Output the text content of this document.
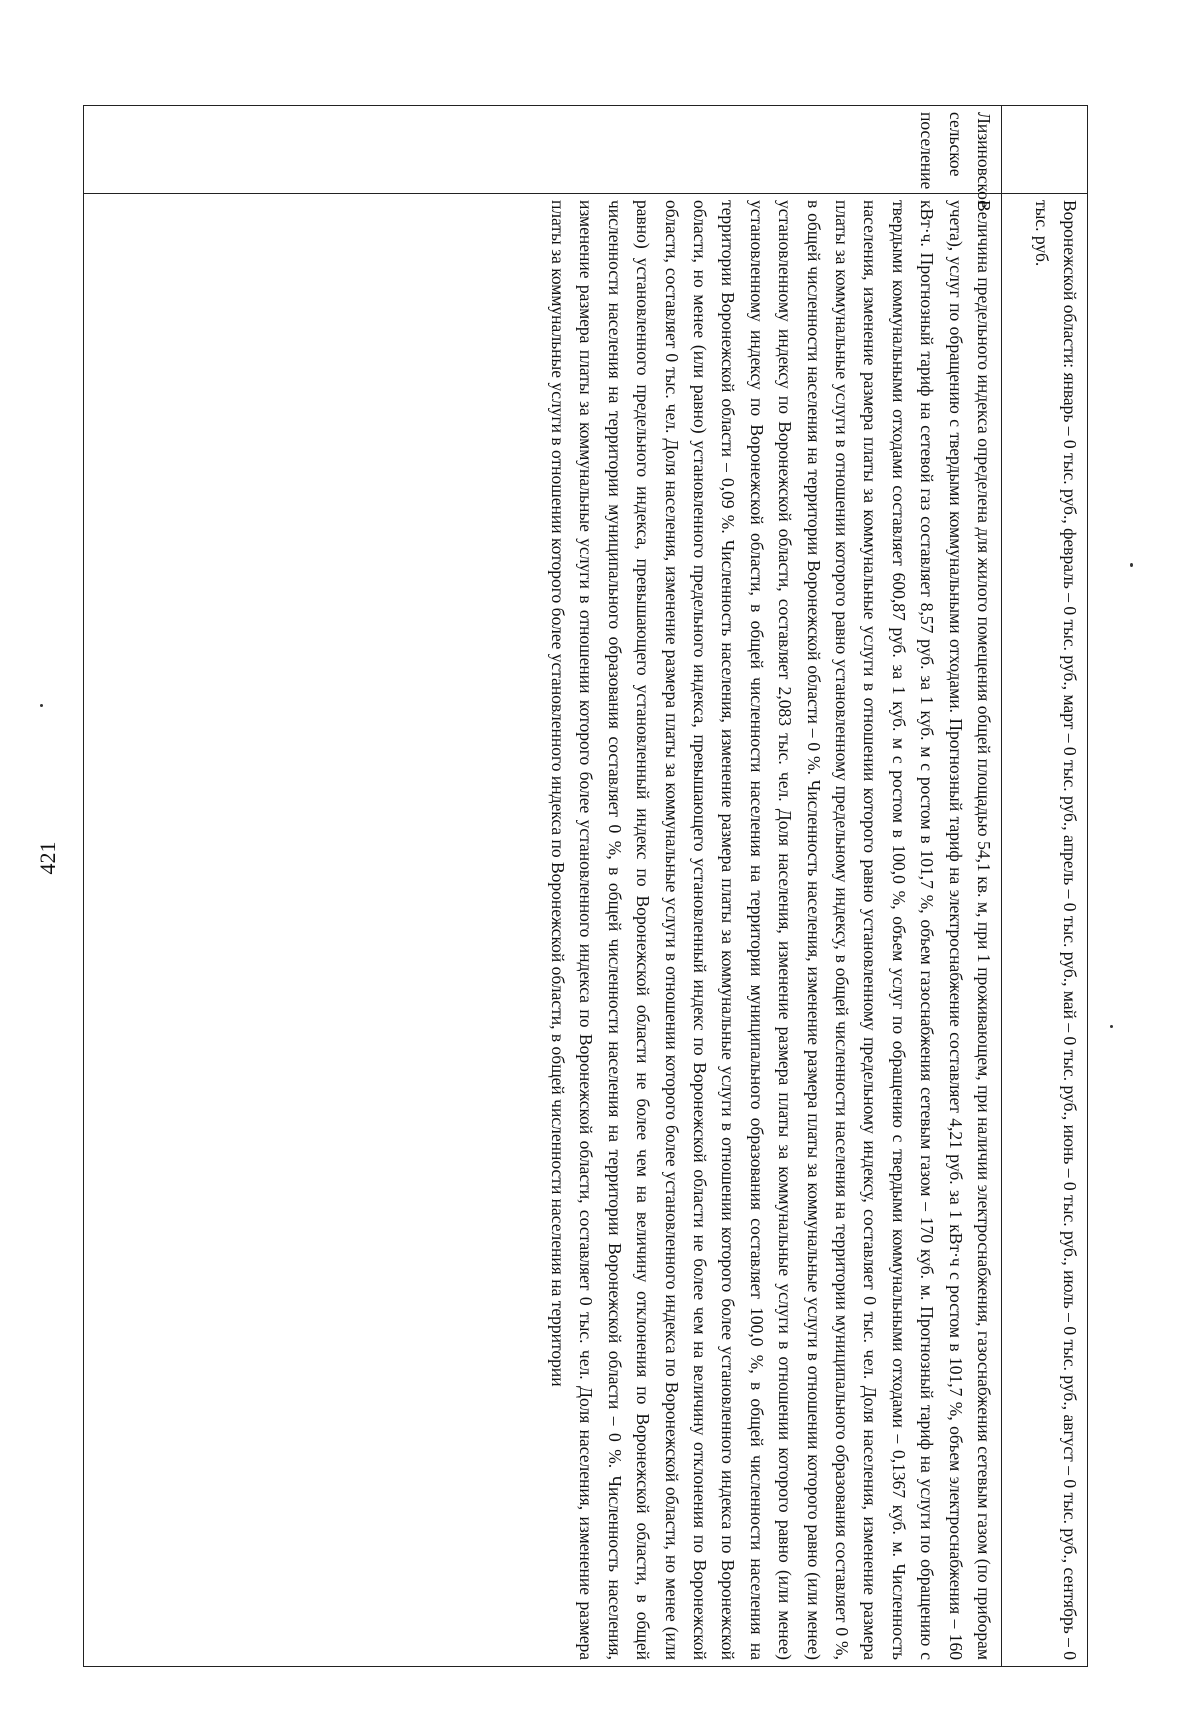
421
		Воронежской области: январь – 0 тыс. руб., февраль – 0 тыс. руб., март – 0 тыс. руб., апрель – 0 тыс. руб., май – 0 тыс. руб., июнь – 0 тыс. руб., июль – 0 тыс. руб., август – 0 тыс. руб., сентябрь – 0 тыс. руб.
Лизиновское сельское поселение	Величина предельного индекса определена для жилого помещения общей площадью 54,1 кв. м, при 1 проживающем, при наличии электроснабжения, газоснабжения сетевым газом (по приборам учета), услуг по обращению с твердыми коммунальными отходами. Прогнозный тариф на электроснабжение составляет 4,21 руб. за 1 кВт·ч с ростом в 101,7 %, объем электроснабжения – 160 кВт·ч. Прогнозный тариф на сетевой газ составляет 8,57 руб. за 1 куб. м с ростом в 101,7 %, объем газоснабжения сетевым газом – 170 куб. м. Прогнозный тариф на услуги по обращению с твердыми коммунальными отходами составляет 600,87 руб. за 1 куб. м с ростом в 100,0 %, объем услуг по обращению с твердыми коммунальными отходами – 0,1367 куб. м. Численность населения, изменение размера платы за коммунальные услуги в отношении которого равно установленному предельному индексу, составляет 0 тыс. чел. Доля населения, изменение размера платы за коммунальные услуги в отношении которого равно установленному предельному индексу, в общей численности населения на территории муниципального образования составляет 0 %, в общей численности населения на территории Воронежской области – 0 %. Численность населения, изменение размера платы за коммунальные услуги в отношении которого равно (или менее) установленному индексу по Воронежской области, составляет 2,083 тыс. чел. Доля населения, изменение размера платы за коммунальные услуги в отношении которого равно (или менее) установленному индексу по Воронежской области, в общей численности населения на территории муниципального образования составляет 100,0 %, в общей численности населения на территории Воронежской области – 0,09 %. Численность населения, изменение размера платы за коммунальные услуги в отношении которого более установленного индекса по Воронежской области, но менее (или равно) установленного предельного индекса, превышающего установленный индекс по Воронежской области не более чем на величину отклонения по Воронежской области, составляет 0 тыс. чел. Доля населения, изменение размера платы за коммунальные услуги в отношении которого более установленного индекса по Воронежской области, но менее (или равно) установленного предельного индекса, превышающего установленный индекс по Воронежской области не более чем на величину отклонения по Воронежской области, в общей численности населения на территории муниципального образования составляет 0 %, в общей численности населения на территории Воронежской области – 0 %. Численность населения, изменение размера платы за коммунальные услуги в отношении которого более установленного индекса по Воронежской области, составляет 0 тыс. чел. Доля населения, изменение размера платы за коммунальные услуги в отношении которого более установленного индекса по Воронежской области, в общей численности населения на территории
